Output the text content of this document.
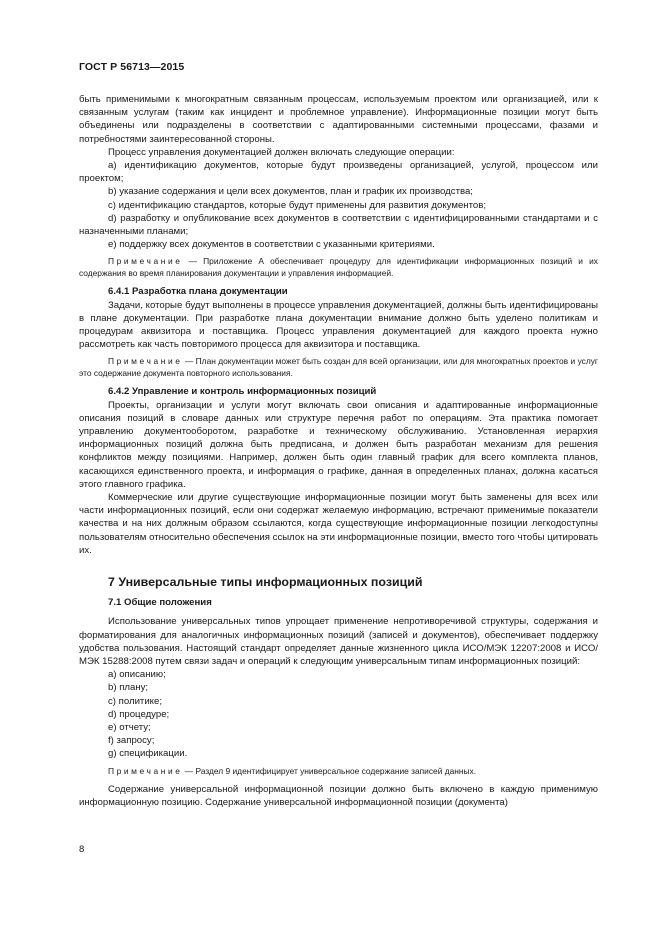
ГОСТ Р 56713—2015

быть применимыми к многократным связанным процессам, используемым проектом или организацией, или к связанным услугам (таким как инцидент и проблемное управление). Информационные позиции могут быть объединены или подразделены в соответствии с адаптированными системными процессами, фазами и потребностями заинтересованной стороны.

Процесс управления документацией должен включать следующие операции:

a) идентификацию документов, которые будут произведены организацией, услугой, процессом или проектом;

b) указание содержания и цели всех документов, план и график их производства;

c) идентификацию стандартов, которые будут применены для развития документов;

d) разработку и опубликование всех документов в соответствии с идентифицированными стандартами и с назначенными планами;

e) поддержку всех документов в соответствии с указанными критериями.

Примечание — Приложение А обеспечивает процедуру для идентификации информационных позиций и их содержания во время планирования документации и управления информацией.

6.4.1 Разработка плана документации

Задачи, которые будут выполнены в процессе управления документацией, должны быть идентифицированы в плане документации. При разработке плана документации внимание должно быть уделено политикам и процедурам аквизитора и поставщика. Процесс управления документацией для каждого проекта нужно рассмотреть как часть повторимого процесса для аквизитора и поставщика.

Примечание — План документации может быть создан для всей организации, или для многократных проектов и услуг это содержание документа повторного использования.

6.4.2 Управление и контроль информационных позиций

Проекты, организации и услуги могут включать свои описания и адаптированные информационные описания позиций в словаре данных или структуре перечня работ по операциям. Эта практика помогает управлению документооборотом, разработке и техническому обслуживанию. Установленная иерархия информационных позиций должна быть предписана, и должен быть разработан механизм для решения конфликтов между позициями. Например, должен быть один главный график для всего комплекта планов, касающихся единственного проекта, и информация о графике, данная в определенных планах, должна касаться этого главного графика.

Коммерческие или другие существующие информационные позиции могут быть заменены для всех или части информационных позиций, если они содержат желаемую информацию, встречают применимые показатели качества и на них должным образом ссылаются, когда существующие информационные позиции легкодоступны пользователям относительно обеспечения ссылок на эти информационные позиции, вместо того чтобы цитировать их.

7 Универсальные типы информационных позиций

7.1 Общие положения

Использование универсальных типов упрощает применение непротиворечивой структуры, содержания и форматирования для аналогичных информационных позиций (записей и документов), обеспечивает поддержку удобства пользования. Настоящий стандарт определяет данные жизненного цикла ИСО/МЭК 12207:2008 и ИСО/МЭК 15288:2008 путем связи задач и операций к следующим универсальным типам информационных позиций:

a) описанию;

b) плану;

c) политике;

d) процедуре;

e) отчету;

f) запросу;

g) спецификации.

Примечание — Раздел 9 идентифицирует универсальное содержание записей данных.

Содержание универсальной информационной позиции должно быть включено в каждую применимую информационную позицию. Содержание универсальной информационной позиции (документа)

8
